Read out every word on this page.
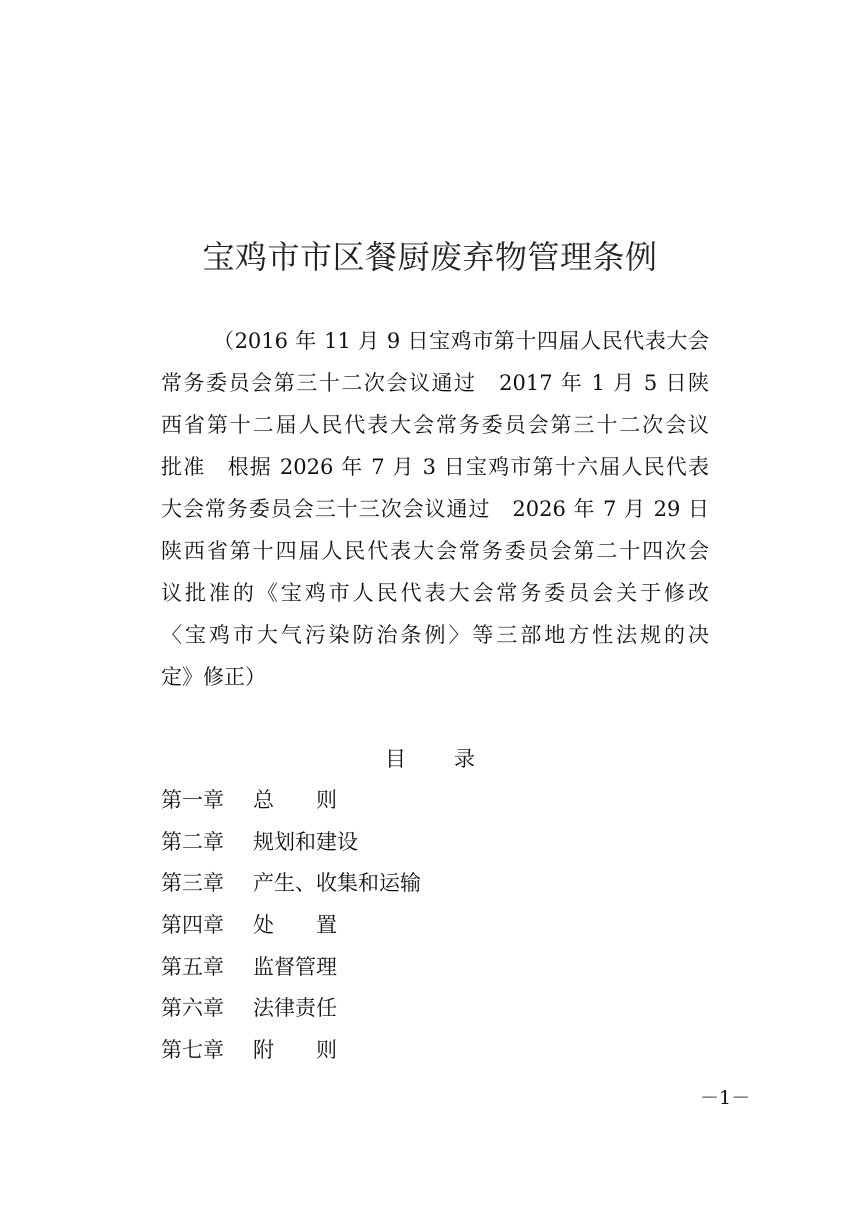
宝鸡市市区餐厨废弃物管理条例
（2016 年 11 月 9 日宝鸡市第十四届人民代表大会
常务委员会第三十二次会议通过　2017 年 1 月 5 日陕
西省第十二届人民代表大会常务委员会第三十二次会议
批准　根据 2026 年 7 月 3 日宝鸡市第十六届人民代表
大会常务委员会三十三次会议通过　2026 年 7 月 29 日
陕西省第十四届人民代表大会常务委员会第二十四次会
议批准的《宝鸡市人民代表大会常务委员会关于修改
〈宝鸡市大气污染防治条例〉等三部地方性法规的决
定》修正）
目 录
第一章 总　　则
第二章 规划和建设
第三章 产生、收集和运输
第四章 处　　置
第五章 监督管理
第六章 法律责任
第七章 附　　则
－1－
